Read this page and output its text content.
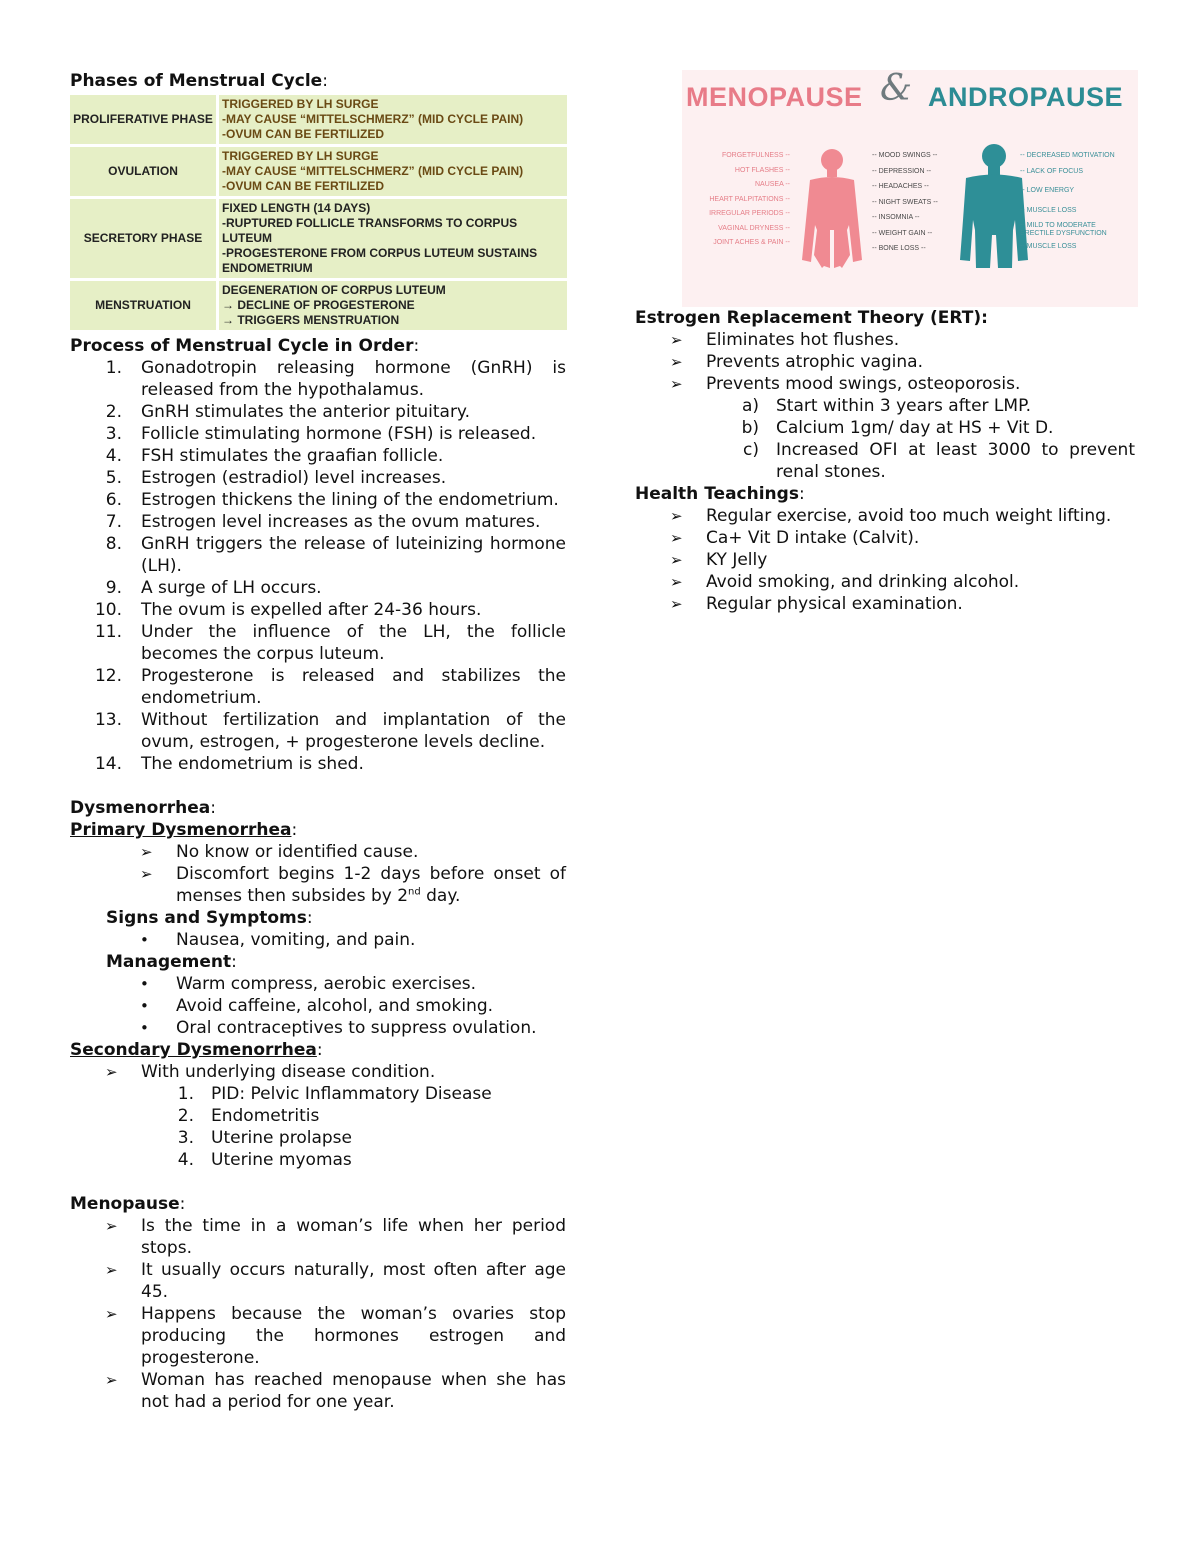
Phases of Menstrual Cycle:
PROLIFERATIVE PHASE	TRIGGERED BY LH SURGE
-MAY CAUSE “MITTELSCHMERZ” (MID CYCLE PAIN)
-OVUM CAN BE FERTILIZED

OVULATION	TRIGGERED BY LH SURGE
-MAY CAUSE “MITTELSCHMERZ” (MID CYCLE PAIN)
-OVUM CAN BE FERTILIZED

SECRETORY PHASE	FIXED LENGTH (14 DAYS)
-RUPTURED FOLLICLE TRANSFORMS TO CORPUS LUTEUM
-PROGESTERONE FROM CORPUS LUTEUM SUSTAINS ENDOMETRIUM

MENSTRUATION	DEGENERATION OF CORPUS LUTEUM
→ DECLINE OF PROGESTERONE
→ TRIGGERS MENSTRUATION
Process of Menstrual Cycle in Order:
1. Gonadotropin releasing hormone (GnRH) is released from the hypothalamus.
2. GnRH stimulates the anterior pituitary.
3. Follicle stimulating hormone (FSH) is released.
4. FSH stimulates the graafian follicle.
5. Estrogen (estradiol) level increases.
6. Estrogen thickens the lining of the endometrium.
7. Estrogen level increases as the ovum matures.
8. GnRH triggers the release of luteinizing hormone (LH).
9. A surge of LH occurs.
10. The ovum is expelled after 24-36 hours.
11. Under the influence of the LH, the follicle becomes the corpus luteum.
12. Progesterone is released and stabilizes the endometrium.
13. Without fertilization and implantation of the ovum, estrogen, + progesterone levels decline.
14. The endometrium is shed.
Dysmenorrhea:
Primary Dysmenorrhea:
➢ No know or identified cause.
➢ Discomfort begins 1-2 days before onset of menses then subsides by 2nd day.
Signs and Symptoms:
• Nausea, vomiting, and pain.
Management:
• Warm compress, aerobic exercises.
• Avoid caffeine, alcohol, and smoking.
• Oral contraceptives to suppress ovulation.
Secondary Dysmenorrhea:
➢ With underlying disease condition.
1. PID: Pelvic Inflammatory Disease
2. Endometritis
3. Uterine prolapse
4. Uterine myomas
Menopause:
➢ Is the time in a woman’s life when her period stops.
➢ It usually occurs naturally, most often after age 45.
➢ Happens because the woman’s ovaries stop producing the hormones estrogen and progesterone.
➢ Woman has reached menopause when she has not had a period for one year.
MENOPAUSE & ANDROPAUSE
FORGETFULNESS --
HOT FLASHES --
NAUSEA --
HEART PALPITATIONS --
IRREGULAR PERIODS --
VAGINAL DRYNESS --
JOINT ACHES & PAIN --
-- MOOD SWINGS --
-- DEPRESSION --
-- HEADACHES --
-- NIGHT SWEATS --
-- INSOMNIA --
-- WEIGHT GAIN --
-- BONE LOSS --
-- DECREASED MOTIVATION
-- LACK OF FOCUS
-- LOW ENERGY
-- MUSCLE LOSS
-- MILD TO MODERATE ERECTILE DYSFUNCTION
-- MUSCLE LOSS
Estrogen Replacement Theory (ERT):
➢ Eliminates hot flushes.
➢ Prevents atrophic vagina.
➢ Prevents mood swings, osteoporosis.
a) Start within 3 years after LMP.
b) Calcium 1gm/ day at HS + Vit D.
c) Increased OFI at least 3000 to prevent renal stones.
Health Teachings:
➢ Regular exercise, avoid too much weight lifting.
➢ Ca+ Vit D intake (Calvit).
➢ KY Jelly
➢ Avoid smoking, and drinking alcohol.
➢ Regular physical examination.
